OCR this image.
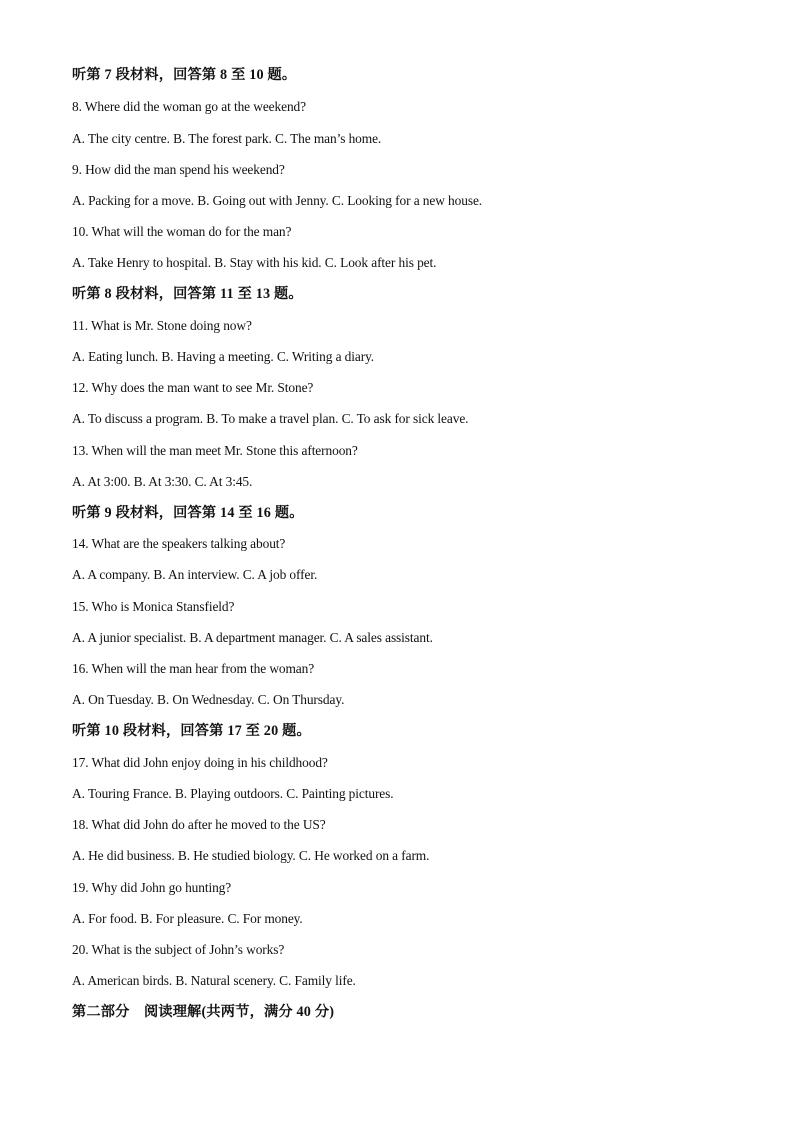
听第 7 段材料，回答第 8 至 10 题。
8. Where did the woman go at the weekend?
A. The city centre. B. The forest park. C. The man’s home.
9. How did the man spend his weekend?
A. Packing for a move. B. Going out with Jenny. C. Looking for a new house.
10. What will the woman do for the man?
A. Take Henry to hospital. B. Stay with his kid. C. Look after his pet.
听第 8 段材料，回答第 11 至 13 题。
11. What is Mr. Stone doing now?
A. Eating lunch. B. Having a meeting. C. Writing a diary.
12. Why does the man want to see Mr. Stone?
A. To discuss a program. B. To make a travel plan. C. To ask for sick leave.
13. When will the man meet Mr. Stone this afternoon?
A. At 3:00. B. At 3:30. C. At 3:45.
听第 9 段材料，回答第 14 至 16 题。
14. What are the speakers talking about?
A. A company. B. An interview. C. A job offer.
15. Who is Monica Stansfield?
A. A junior specialist. B. A department manager. C. A sales assistant.
16. When will the man hear from the woman?
A. On Tuesday. B. On Wednesday. C. On Thursday.
听第 10 段材料，回答第 17 至 20 题。
17. What did John enjoy doing in his childhood?
A. Touring France. B. Playing outdoors. C. Painting pictures.
18. What did John do after he moved to the US?
A. He did business. B. He studied biology. C. He worked on a farm.
19. Why did John go hunting?
A. For food. B. For pleasure. C. For money.
20. What is the subject of John’s works?
A. American birds. B. Natural scenery. C. Family life.
第二部分　阅读理解(共两节，满分 40 分)
